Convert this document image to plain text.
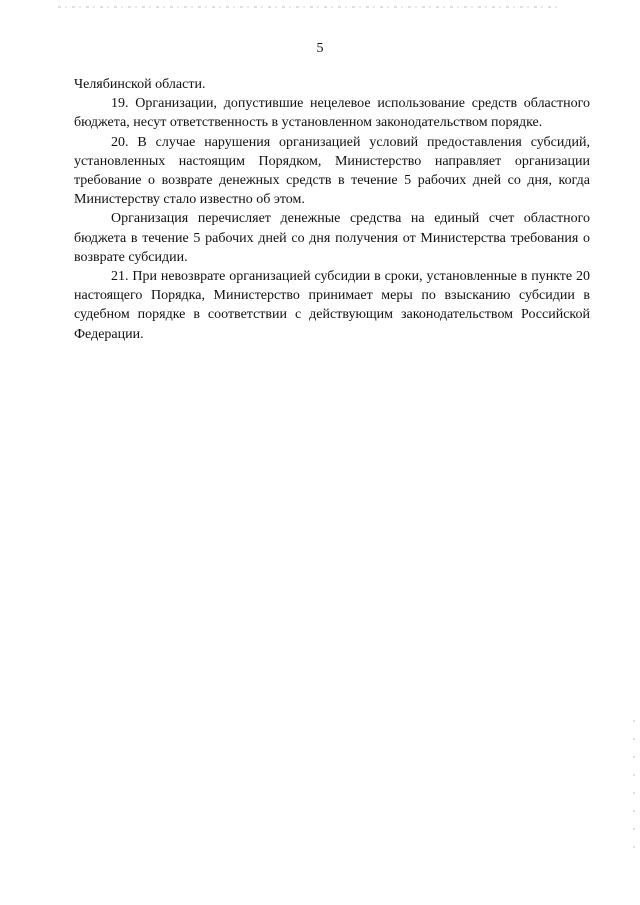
5

Челябинской области.

19. Организации, допустившие нецелевое использование средств областного бюджета, несут ответственность в установленном законодательством порядке.

20. В случае нарушения организацией условий предоставления субсидий, установленных настоящим Порядком, Министерство направляет организации требование о возврате денежных средств в течение 5 рабочих дней со дня, когда Министерству стало известно об этом.

Организация перечисляет денежные средства на единый счет областного бюджета в течение 5 рабочих дней со дня получения от Министерства требования о возврате субсидии.

21. При невозврате организацией субсидии в сроки, установленные в пункте 20 настоящего Порядка, Министерство принимает меры по взысканию субсидии в судебном порядке в соответствии с действующим законодательством Российской Федерации.
